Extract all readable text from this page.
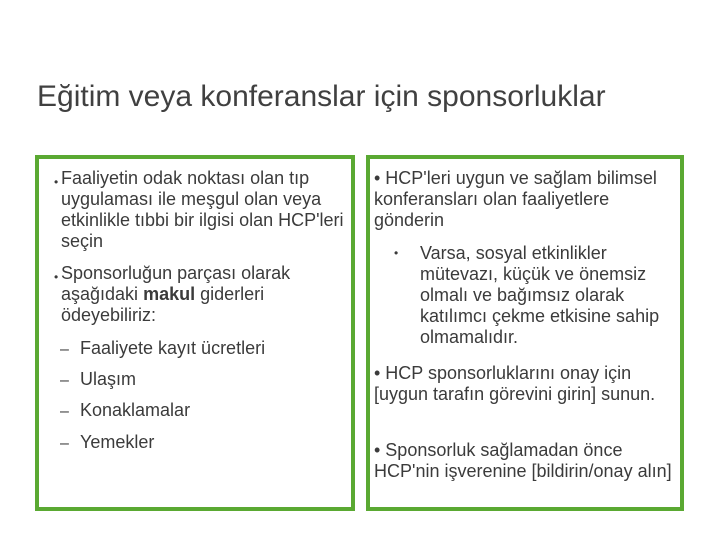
Eğitim veya konferanslar için sponsorluklar
• Faaliyetin odak noktası olan tıp uygulaması ile meşgul olan veya etkinlikle tıbbi bir ilgisi olan HCP'leri seçin
• Sponsorluğun parçası olarak aşağıdaki makul giderleri ödeyebiliriz:
– Faaliyete kayıt ücretleri
– Ulaşım
– Konaklamalar
– Yemekler
• HCP'leri uygun ve sağlam bilimsel konferansları olan faaliyetlere gönderin
• Varsa, sosyal etkinlikler mütevazı, küçük ve önemsiz olmalı ve bağımsız olarak katılımcı çekme etkisine sahip olmamalıdır.
• HCP sponsorluklarını onay için [uygun tarafın görevini girin] sunun.
• Sponsorluk sağlamadan önce HCP'nin işverenine [bildirin/onay alın]
